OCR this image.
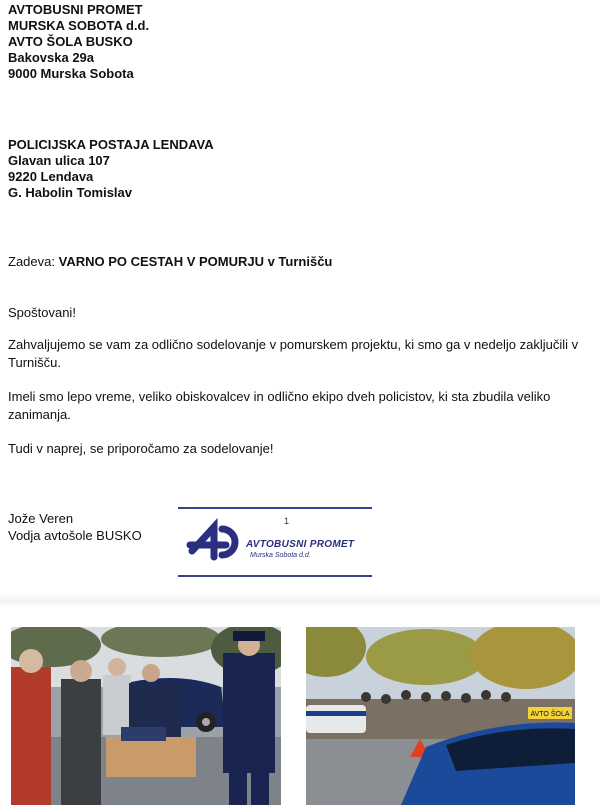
AVTOBUSNI PROMET
MURSKA SOBOTA d.d.
AVTO ŠOLA BUSKO
Bakovska 29a
9000 Murska Sobota
POLICIJSKA POSTAJA LENDAVA
Glavan ulica 107
9220 Lendava
G. Habolin Tomislav
Zadeva: VARNO PO CESTAH V POMURJU v Turnišču
Spoštovani!
Zahvaljujemo se vam za odlično sodelovanje v pomurskem projektu, ki smo ga v nedeljo zaključili v Turnišču.
Imeli smo lepo vreme, veliko obiskovalcev in odlično ekipo dveh policistov, ki sta zbudila veliko zanimanja.
Tudi v naprej, se priporočamo za sodelovanje!
Jože Veren
Vodja avtošole BUSKO
1
AVTOBUSNI PROMET
Murska Sobota d.d.
AVTO ŠOLA
